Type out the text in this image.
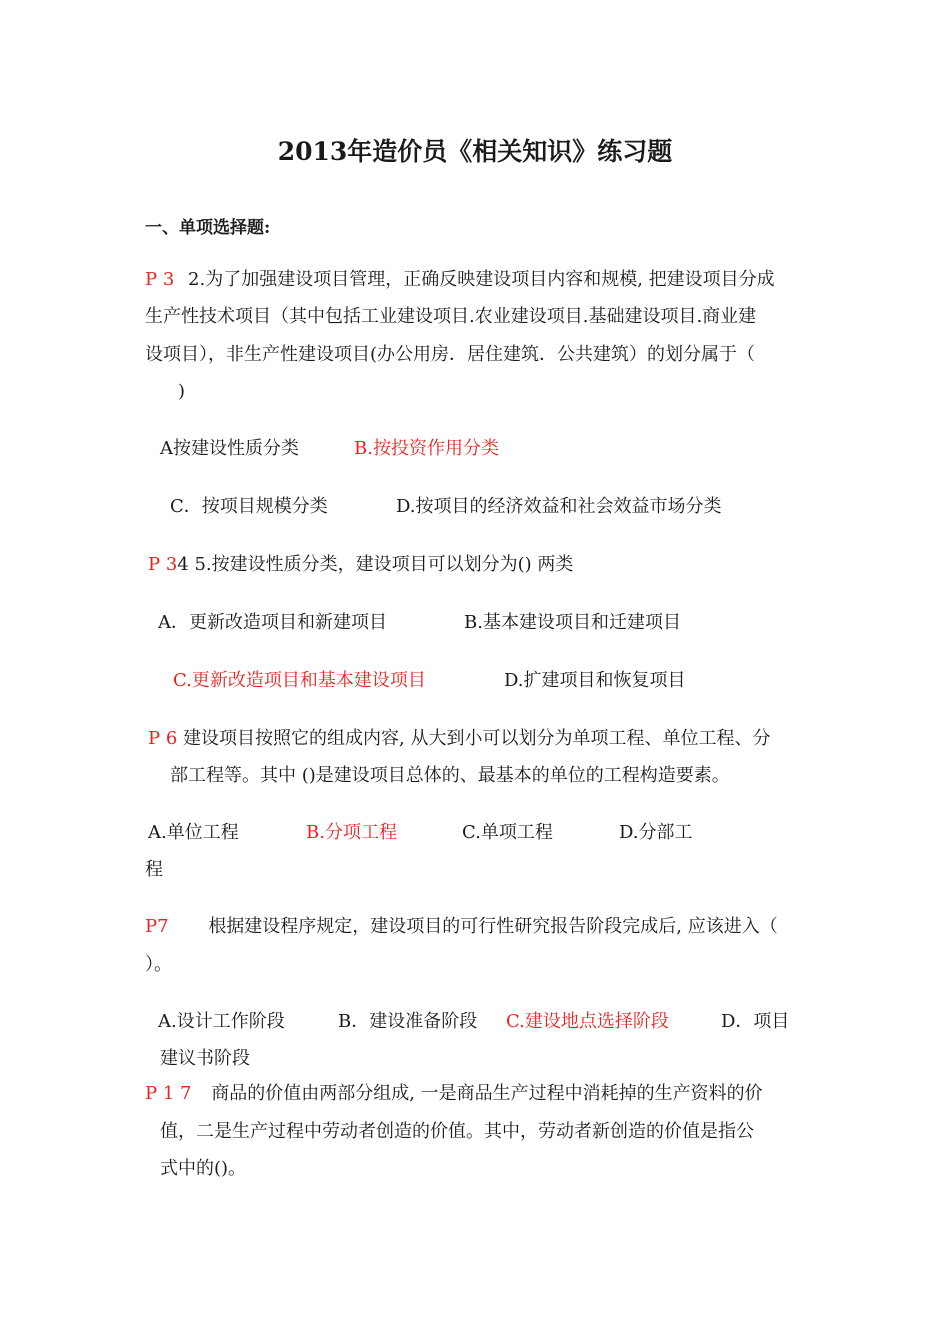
2013年造价员《相关知识》练习题
一、单项选择题:
P 3 2.为了加强建设项目管理，正确反映建设项目内容和规模, 把建设项目分成
生产性技术项目（其中包括工业建设项目.农业建设项目.基础建设项目.商业建
设项目），非生产性建设项目(办公用房．居住建筑．公共建筑）的划分属于（
)
A按建设性质分类	B.按投资作用分类
C．按项目规模分类	D.按项目的经济效益和社会效益市场分类
P 34 5.按建设性质分类，建设项目可以划分为() 两类
A．更新改造项目和新建项目	B.基本建设项目和迁建项目
C.更新改造项目和基本建设项目	D.扩建项目和恢复项目
P 6 建设项目按照它的组成内容, 从大到小可以划分为单项工程、单位工程、分
部工程等。其中 ()是建设项目总体的、最基本的单位的工程构造要素。
A.单位工程	B.分项工程	C.单项工程	D.分部工
程
P7 根据建设程序规定，建设项目的可行性研究报告阶段完成后, 应该进入（
）。
A.设计工作阶段	B．建设准备阶段 C.建设地点选择阶段	D．项目
建议书阶段
P 1 7 商品的价值由两部分组成, 一是商品生产过程中消耗掉的生产资料的价
值，二是生产过程中劳动者创造的价值。其中，劳动者新创造的价值是指公
式中的()。
